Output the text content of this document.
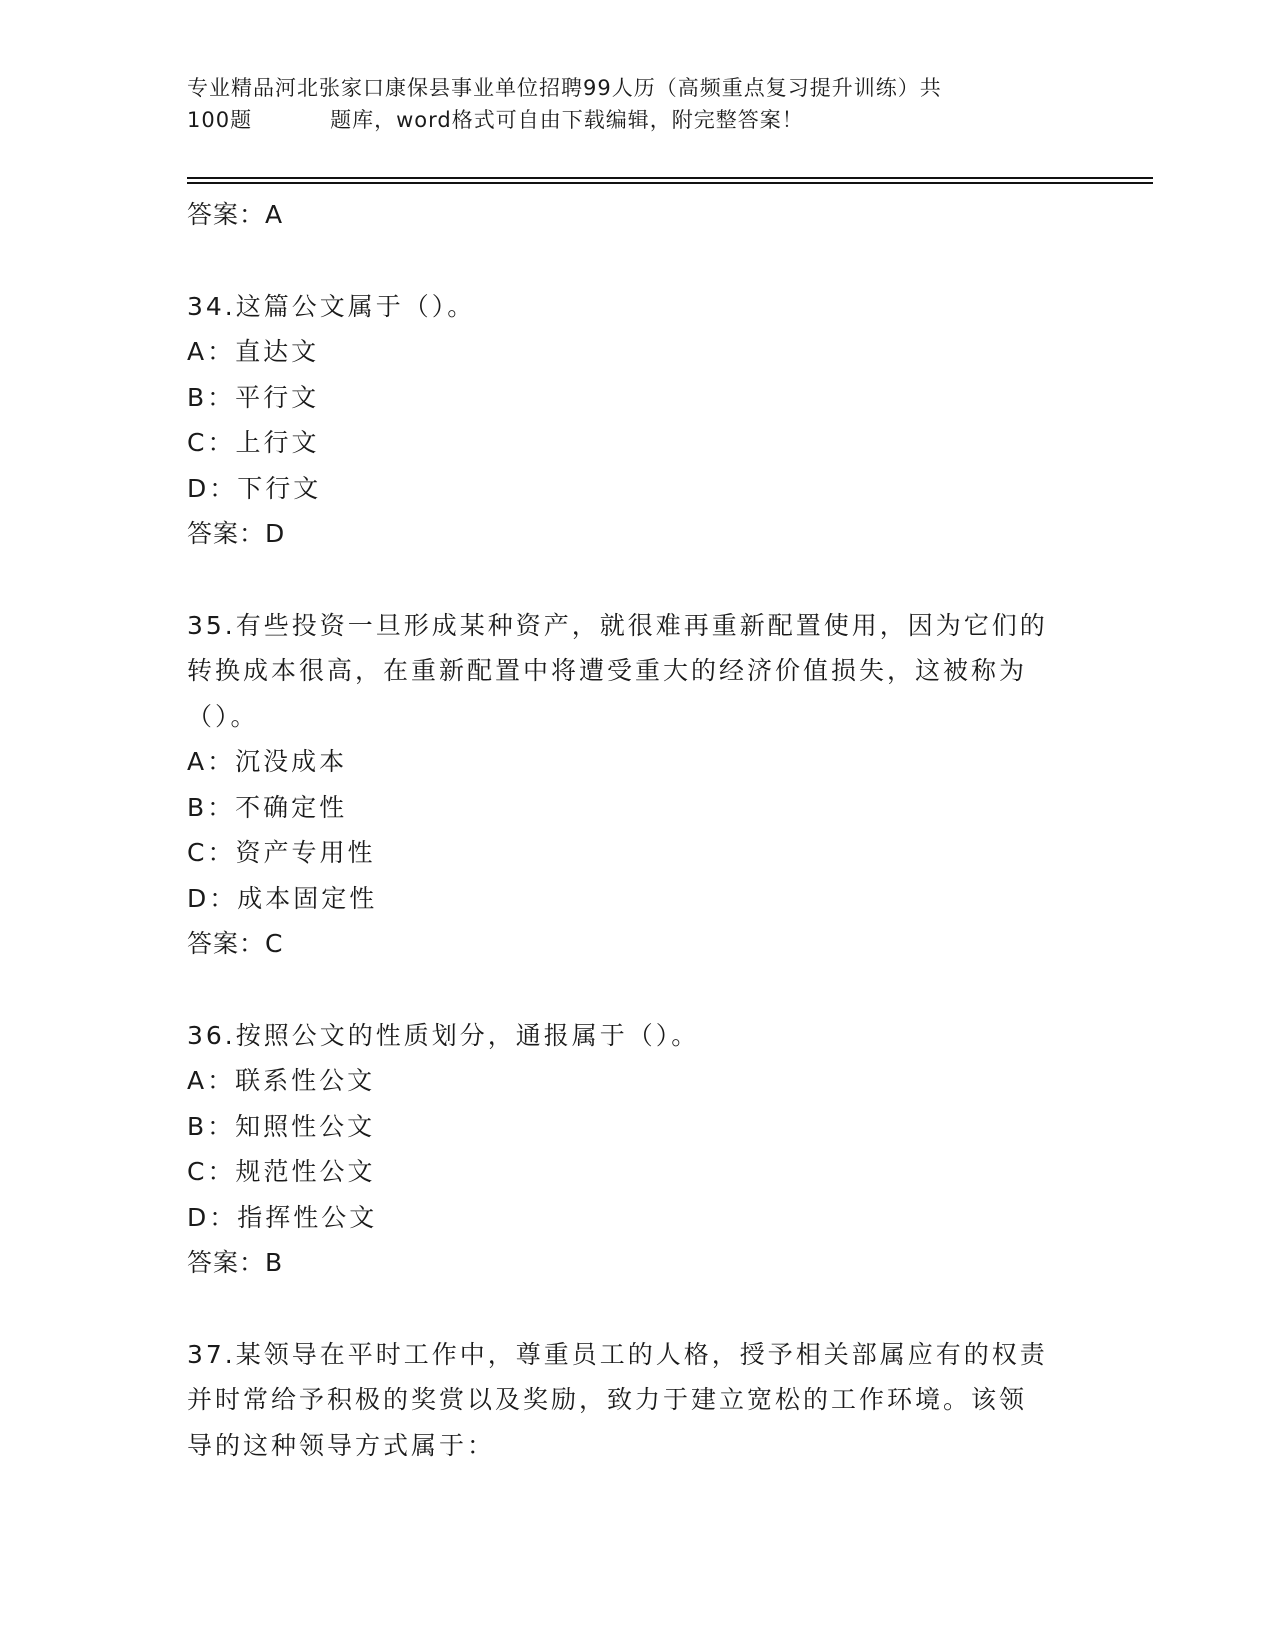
专业精品河北张家口康保县事业单位招聘99人历（高频重点复习提升训练）共
100题	题库，word格式可自由下载编辑，附完整答案！
答案：A
34.这篇公文属于（）。
A：直达文
B：平行文
C：上行文
D：下行文
答案：D
35.有些投资一旦形成某种资产，就很难再重新配置使用，因为它们的
转换成本很高，在重新配置中将遭受重大的经济价值损失，这被称为
（）。
A：沉没成本
B：不确定性
C：资产专用性
D：成本固定性
答案：C
36.按照公文的性质划分，通报属于（）。
A：联系性公文
B：知照性公文
C：规范性公文
D：指挥性公文
答案：B
37.某领导在平时工作中，尊重员工的人格，授予相关部属应有的权责
并时常给予积极的奖赏以及奖励，致力于建立宽松的工作环境。该领
导的这种领导方式属于：
